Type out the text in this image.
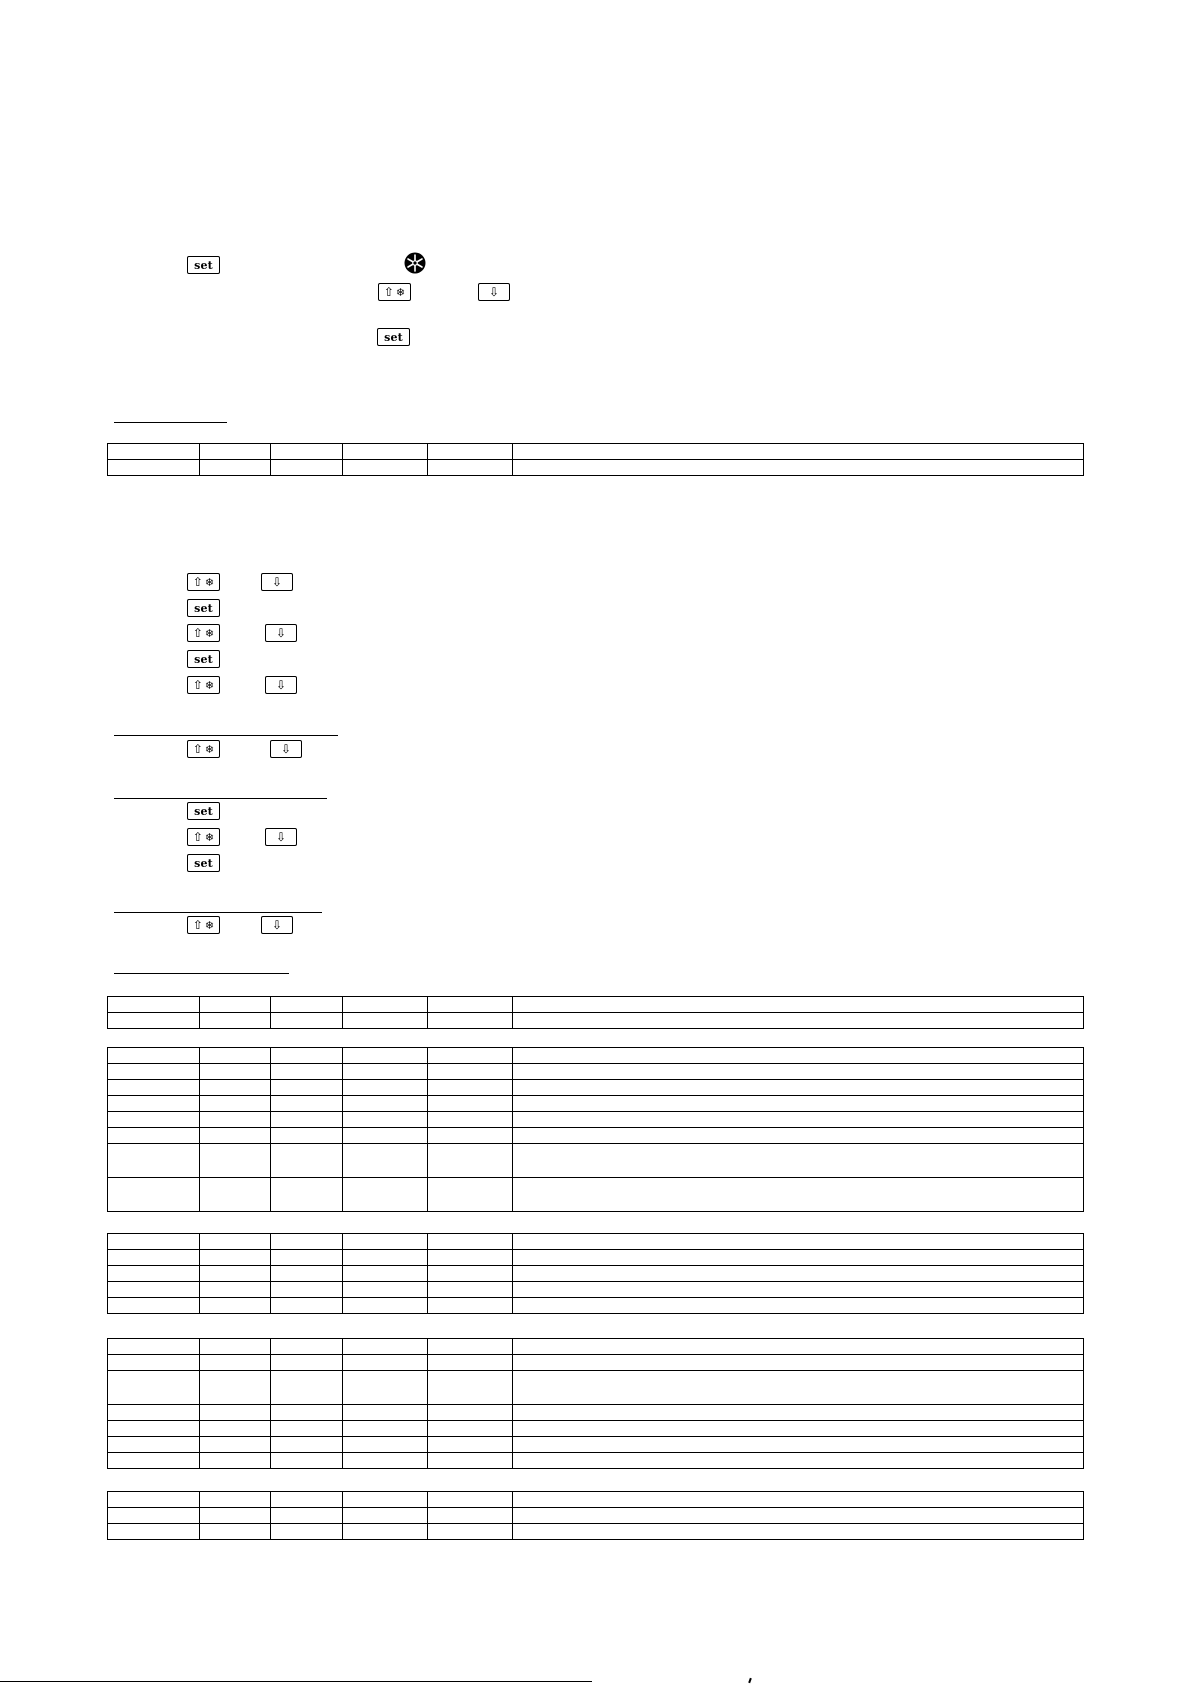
set
⇧ ❄	⇩
set

⇧ ❄	⇩
set
⇧ ❄	⇩
set
⇧ ❄	⇩
⇧ ❄	⇩
set
⇧ ❄	⇩
set
⇧ ❄	⇩
